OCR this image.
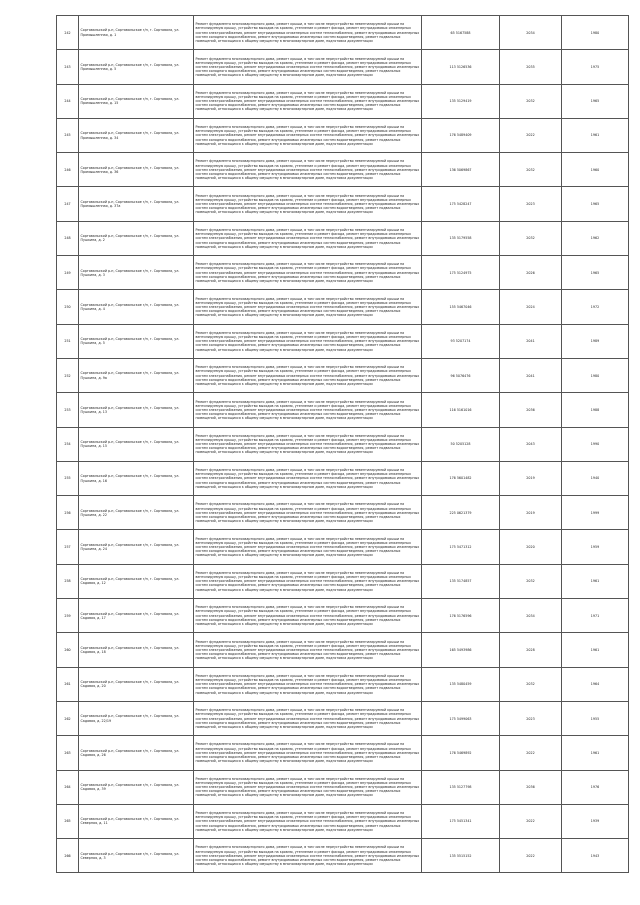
242	Сортавальский р-н, Сортавальское г/п, г. Сортавала, ул. Промышленная, д. 1	Ремонт фундамента многоквартирного дома, ремонт крыши, в том числе переустройство невентилируемой крыши на вентилируемую крышу, устройство выходов на кровлю, утепление и ремонт фасада, ремонт внутридомовых инженерных систем электроснабжения, ремонт внутридомовых инженерных систем теплоснабжения, ремонт внутридомовых инженерных систем холодного водоснабжения, ремонт внутридомовых инженерных систем водоотведения, ремонт подвальных помещений, относящихся к общему имуществу в многоквартирном доме, подготовка документации	65 5167588	2034	1980
243	Сортавальский р-н, Сортавальское г/п, г. Сортавала, ул. Промышленная, д. 5	Ремонт фундамента многоквартирного дома, ремонт крыши, в том числе переустройство невентилируемой крыши на вентилируемую крышу, устройство выходов на кровлю, утепление и ремонт фасада, ремонт внутридомовых инженерных систем электроснабжения, ремонт внутридомовых инженерных систем теплоснабжения, ремонт внутридомовых инженерных систем холодного водоснабжения, ремонт внутридомовых инженерных систем водоотведения, ремонт подвальных помещений, относящихся к общему имуществу в многоквартирном доме, подготовка документации	113 5126536	2035	1975
244	Сортавальский р-н, Сортавальское г/п, г. Сортавала, ул. Промышленная, д. 15	Ремонт фундамента многоквартирного дома, ремонт крыши, в том числе переустройство невентилируемой крыши на вентилируемую крышу, устройство выходов на кровлю, утепление и ремонт фасада, ремонт внутридомовых инженерных систем электроснабжения, ремонт внутридомовых инженерных систем теплоснабжения, ремонт внутридомовых инженерных систем холодного водоснабжения, ремонт внутридомовых инженерных систем водоотведения, ремонт подвальных помещений, относящихся к общему имуществу в многоквартирном доме, подготовка документации	135 5129419	2032	1965
245	Сортавальский р-н, Сортавальское г/п, г. Сортавала, ул. Промышленная, д. 34	Ремонт фундамента многоквартирного дома, ремонт крыши, в том числе переустройство невентилируемой крыши на вентилируемую крышу, устройство выходов на кровлю, утепление и ремонт фасада, ремонт внутридомовых инженерных систем электроснабжения, ремонт внутридомовых инженерных систем теплоснабжения, ремонт внутридомовых инженерных систем холодного водоснабжения, ремонт внутридомовых инженерных систем водоотведения, ремонт подвальных помещений, относящихся к общему имуществу в многоквартирном доме, подготовка документации	176 5489409	2022	1961
246	Сортавальский р-н, Сортавальское г/п, г. Сортавала, ул. Промышленная, д. 36	Ремонт фундамента многоквартирного дома, ремонт крыши, в том числе переустройство невентилируемой крыши на вентилируемую крышу, устройство выходов на кровлю, утепление и ремонт фасада, ремонт внутридомовых инженерных систем электроснабжения, ремонт внутридомовых инженерных систем теплоснабжения, ремонт внутридомовых инженерных систем холодного водоснабжения, ремонт внутридомовых инженерных систем водоотведения, ремонт подвальных помещений, относящихся к общему имуществу в многоквартирном доме, подготовка документации	136 5069867	2032	1960
247	Сортавальский р-н, Сортавальское г/п, г. Сортавала, ул. Промышленная, д. 37а	Ремонт фундамента многоквартирного дома, ремонт крыши, в том числе переустройство невентилируемой крыши на вентилируемую крышу, устройство выходов на кровлю, утепление и ремонт фасада, ремонт внутридомовых инженерных систем электроснабжения, ремонт внутридомовых инженерных систем теплоснабжения, ремонт внутридомовых инженерных систем холодного водоснабжения, ремонт внутридомовых инженерных систем водоотведения, ремонт подвальных помещений, относящихся к общему имуществу в многоквартирном доме, подготовка документации	175 5428247	2023	1965
248	Сортавальский р-н, Сортавальское г/п, г. Сортавала, ул. Пушкина, д. 2	Ремонт фундамента многоквартирного дома, ремонт крыши, в том числе переустройство невентилируемой крыши на вентилируемую крышу, устройство выходов на кровлю, утепление и ремонт фасада, ремонт внутридомовых инженерных систем электроснабжения, ремонт внутридомовых инженерных систем теплоснабжения, ремонт внутридомовых инженерных систем холодного водоснабжения, ремонт внутридомовых инженерных систем водоотведения, ремонт подвальных помещений, относящихся к общему имуществу в многоквартирном доме, подготовка документации	135 5179558	2032	1962
249	Сортавальский р-н, Сортавальское г/п, г. Сортавала, ул. Пушкина, д. 3	Ремонт фундамента многоквартирного дома, ремонт крыши, в том числе переустройство невентилируемой крыши на вентилируемую крышу, устройство выходов на кровлю, утепление и ремонт фасада, ремонт внутридомовых инженерных систем электроснабжения, ремонт внутридомовых инженерных систем теплоснабжения, ремонт внутридомовых инженерных систем холодного водоснабжения, ремонт внутридомовых инженерных систем водоотведения, ремонт подвальных помещений, относящихся к общему имуществу в многоквартирном доме, подготовка документации	175 5124975	2026	1965
250	Сортавальский р-н, Сортавальское г/п, г. Сортавала, ул. Пушкина, д. 4	Ремонт фундамента многоквартирного дома, ремонт крыши, в том числе переустройство невентилируемой крыши на вентилируемую крышу, устройство выходов на кровлю, утепление и ремонт фасада, ремонт внутридомовых инженерных систем электроснабжения, ремонт внутридомовых инженерных систем теплоснабжения, ремонт внутридомовых инженерных систем холодного водоснабжения, ремонт внутридомовых инженерных систем водоотведения, ремонт подвальных помещений, относящихся к общему имуществу в многоквартирном доме, подготовка документации	155 5467046	2024	1972
251	Сортавальский р-н, Сортавальское г/п, г. Сортавала, ул. Пушкина, д. 5	Ремонт фундамента многоквартирного дома, ремонт крыши, в том числе переустройство невентилируемой крыши на вентилируемую крышу, устройство выходов на кровлю, утепление и ремонт фасада, ремонт внутридомовых инженерных систем электроснабжения, ремонт внутридомовых инженерных систем теплоснабжения, ремонт внутридомовых инженерных систем холодного водоснабжения, ремонт внутридомовых инженерных систем водоотведения, ремонт подвальных помещений, относящихся к общему имуществу в многоквартирном доме, подготовка документации	93 5207174	2041	1989
252	Сортавальский р-н, Сортавальское г/п, г. Сортавала, ул. Пушкина, д. 9а	Ремонт фундамента многоквартирного дома, ремонт крыши, в том числе переустройство невентилируемой крыши на вентилируемую крышу, устройство выходов на кровлю, утепление и ремонт фасада, ремонт внутридомовых инженерных систем электроснабжения, ремонт внутридомовых инженерных систем теплоснабжения, ремонт внутридомовых инженерных систем холодного водоснабжения, ремонт внутридомовых инженерных систем водоотведения, ремонт подвальных помещений, относящихся к общему имуществу в многоквартирном доме, подготовка документации	96 5076476	2041	1980
253	Сортавальский р-н, Сортавальское г/п, г. Сортавала, ул. Пушкина, д. 13	Ремонт фундамента многоквартирного дома, ремонт крыши, в том числе переустройство невентилируемой крыши на вентилируемую крышу, устройство выходов на кровлю, утепление и ремонт фасада, ремонт внутридомовых инженерных систем электроснабжения, ремонт внутридомовых инженерных систем теплоснабжения, ремонт внутридомовых инженерных систем холодного водоснабжения, ремонт внутридомовых инженерных систем водоотведения, ремонт подвальных помещений, относящихся к общему имуществу в многоквартирном доме, подготовка документации	116 5161016	2036	1988
254	Сортавальский р-н, Сортавальское г/п, г. Сортавала, ул. Пушкина, д. 15	Ремонт фундамента многоквартирного дома, ремонт крыши, в том числе переустройство невентилируемой крыши на вентилируемую крышу, устройство выходов на кровлю, утепление и ремонт фасада, ремонт внутридомовых инженерных систем электроснабжения, ремонт внутридомовых инженерных систем теплоснабжения, ремонт внутридомовых инженерных систем холодного водоснабжения, ремонт внутридомовых инженерных систем водоотведения, ремонт подвальных помещений, относящихся к общему имуществу в многоквартирном доме, подготовка документации	50 5205128	2043	1990
255	Сортавальский р-н, Сортавальское г/п, г. Сортавала, ул. Пушкина, д. 16	Ремонт фундамента многоквартирного дома, ремонт крыши, в том числе переустройство невентилируемой крыши на вентилируемую крышу, устройство выходов на кровлю, утепление и ремонт фасада, ремонт внутридомовых инженерных систем электроснабжения, ремонт внутридомовых инженерных систем теплоснабжения, ремонт внутридомовых инженерных систем холодного водоснабжения, ремонт внутридомовых инженерных систем водоотведения, ремонт подвальных помещений, относящихся к общему имуществу в многоквартирном доме, подготовка документации	176 5601482	2019	1940
256	Сортавальский р-н, Сортавальское г/п, г. Сортавала, ул. Пушкина, д. 22	Ремонт фундамента многоквартирного дома, ремонт крыши, в том числе переустройство невентилируемой крыши на вентилируемую крышу, устройство выходов на кровлю, утепление и ремонт фасада, ремонт внутридомовых инженерных систем электроснабжения, ремонт внутридомовых инженерных систем теплоснабжения, ремонт внутридомовых инженерных систем холодного водоснабжения, ремонт внутридомовых инженерных систем водоотведения, ремонт подвальных помещений, относящихся к общему имуществу в многоквартирном доме, подготовка документации	225 0621379	2019	1999
257	Сортавальский р-н, Сортавальское г/п, г. Сортавала, ул. Пушкина, д. 24	Ремонт фундамента многоквартирного дома, ремонт крыши, в том числе переустройство невентилируемой крыши на вентилируемую крышу, устройство выходов на кровлю, утепление и ремонт фасада, ремонт внутридомовых инженерных систем электроснабжения, ремонт внутридомовых инженерных систем теплоснабжения, ремонт внутридомовых инженерных систем холодного водоснабжения, ремонт внутридомовых инженерных систем водоотведения, ремонт подвальных помещений, относящихся к общему имуществу в многоквартирном доме, подготовка документации	175 5471312	2020	1959
258	Сортавальский р-н, Сортавальское г/п, г. Сортавала, ул. Садовая, д. 12	Ремонт фундамента многоквартирного дома, ремонт крыши, в том числе переустройство невентилируемой крыши на вентилируемую крышу, устройство выходов на кровлю, утепление и ремонт фасада, ремонт внутридомовых инженерных систем электроснабжения, ремонт внутридомовых инженерных систем теплоснабжения, ремонт внутридомовых инженерных систем холодного водоснабжения, ремонт внутридомовых инженерных систем водоотведения, ремонт подвальных помещений, относящихся к общему имуществу в многоквартирном доме, подготовка документации	135 5174857	2032	1961
259	Сортавальский р-н, Сортавальское г/п, г. Сортавала, ул. Садовая, д. 17	Ремонт фундамента многоквартирного дома, ремонт крыши, в том числе переустройство невентилируемой крыши на вентилируемую крышу, устройство выходов на кровлю, утепление и ремонт фасада, ремонт внутридомовых инженерных систем электроснабжения, ремонт внутридомовых инженерных систем теплоснабжения, ремонт внутридомовых инженерных систем холодного водоснабжения, ремонт внутридомовых инженерных систем водоотведения, ремонт подвальных помещений, относящихся к общему имуществу в многоквартирном доме, подготовка документации	176 5176596	2034	1971
260	Сортавальский р-н, Сортавальское г/п, г. Сортавала, ул. Садовая, д. 18	Ремонт фундамента многоквартирного дома, ремонт крыши, в том числе переустройство невентилируемой крыши на вентилируемую крышу, устройство выходов на кровлю, утепление и ремонт фасада, ремонт внутридомовых инженерных систем электроснабжения, ремонт внутридомовых инженерных систем теплоснабжения, ремонт внутридомовых инженерных систем холодного водоснабжения, ремонт внутридомовых инженерных систем водоотведения, ремонт подвальных помещений, относящихся к общему имуществу в многоквартирном доме, подготовка документации	165 5493986	2028	1961
261	Сортавальский р-н, Сортавальское г/п, г. Сортавала, ул. Садовая, д. 20	Ремонт фундамента многоквартирного дома, ремонт крыши, в том числе переустройство невентилируемой крыши на вентилируемую крышу, устройство выходов на кровлю, утепление и ремонт фасада, ремонт внутридомовых инженерных систем электроснабжения, ремонт внутридомовых инженерных систем теплоснабжения, ремонт внутридомовых инженерных систем холодного водоснабжения, ремонт внутридомовых инженерных систем водоотведения, ремонт подвальных помещений, относящихся к общему имуществу в многоквартирном доме, подготовка документации	135 5480459	2032	1964
262	Сортавальский р-н, Сортавальское г/п, г. Сортавала, ул. Садовая, д. 22/19	Ремонт фундамента многоквартирного дома, ремонт крыши, в том числе переустройство невентилируемой крыши на вентилируемую крышу, устройство выходов на кровлю, утепление и ремонт фасада, ремонт внутридомовых инженерных систем электроснабжения, ремонт внутридомовых инженерных систем теплоснабжения, ремонт внутридомовых инженерных систем холодного водоснабжения, ремонт внутридомовых инженерных систем водоотведения, ремонт подвальных помещений, относящихся к общему имуществу в многоквартирном доме, подготовка документации	175 5499063	2023	1955
263	Сортавальский р-н, Сортавальское г/п, г. Сортавала, ул. Садовая, д. 26	Ремонт фундамента многоквартирного дома, ремонт крыши, в том числе переустройство невентилируемой крыши на вентилируемую крышу, устройство выходов на кровлю, утепление и ремонт фасада, ремонт внутридомовых инженерных систем электроснабжения, ремонт внутридомовых инженерных систем теплоснабжения, ремонт внутридомовых инженерных систем холодного водоснабжения, ремонт внутридомовых инженерных систем водоотведения, ремонт подвальных помещений, относящихся к общему имуществу в многоквартирном доме, подготовка документации	176 5469892	2022	1961
264	Сортавальский р-н, Сортавальское г/п, г. Сортавала, ул. Садовая, д. 39	Ремонт фундамента многоквартирного дома, ремонт крыши, в том числе переустройство невентилируемой крыши на вентилируемую крышу, устройство выходов на кровлю, утепление и ремонт фасада, ремонт внутридомовых инженерных систем электроснабжения, ремонт внутридомовых инженерных систем теплоснабжения, ремонт внутридомовых инженерных систем холодного водоснабжения, ремонт внутридомовых инженерных систем водоотведения, ремонт подвальных помещений, относящихся к общему имуществу в многоквартирном доме, подготовка документации	135 5127798	2036	1976
265	Сортавальский р-н, Сортавальское г/п, г. Сортавала, ул. Северная, д. 11	Ремонт фундамента многоквартирного дома, ремонт крыши, в том числе переустройство невентилируемой крыши на вентилируемую крышу, устройство выходов на кровлю, утепление и ремонт фасада, ремонт внутридомовых инженерных систем электроснабжения, ремонт внутридомовых инженерных систем теплоснабжения, ремонт внутридомовых инженерных систем холодного водоснабжения, ремонт внутридомовых инженерных систем водоотведения, ремонт подвальных помещений, относящихся к общему имуществу в многоквартирном доме, подготовка документации	175 5451341	2022	1939
266	Сортавальский р-н, Сортавальское г/п, г. Сортавала, ул. Северная, д. 3	Ремонт фундамента многоквартирного дома, ремонт крыши, в том числе переустройство невентилируемой крыши на вентилируемую крышу, устройство выходов на кровлю, утепление и ремонт фасада, ремонт внутридомовых инженерных систем электроснабжения, ремонт внутридомовых инженерных систем теплоснабжения, ремонт внутридомовых инженерных систем холодного водоснабжения, ремонт внутридомовых инженерных систем водоотведения, ремонт подвальных помещений, относящихся к общему имуществу в многоквартирном доме, подготовка документации	135 5515152	2022	1943
